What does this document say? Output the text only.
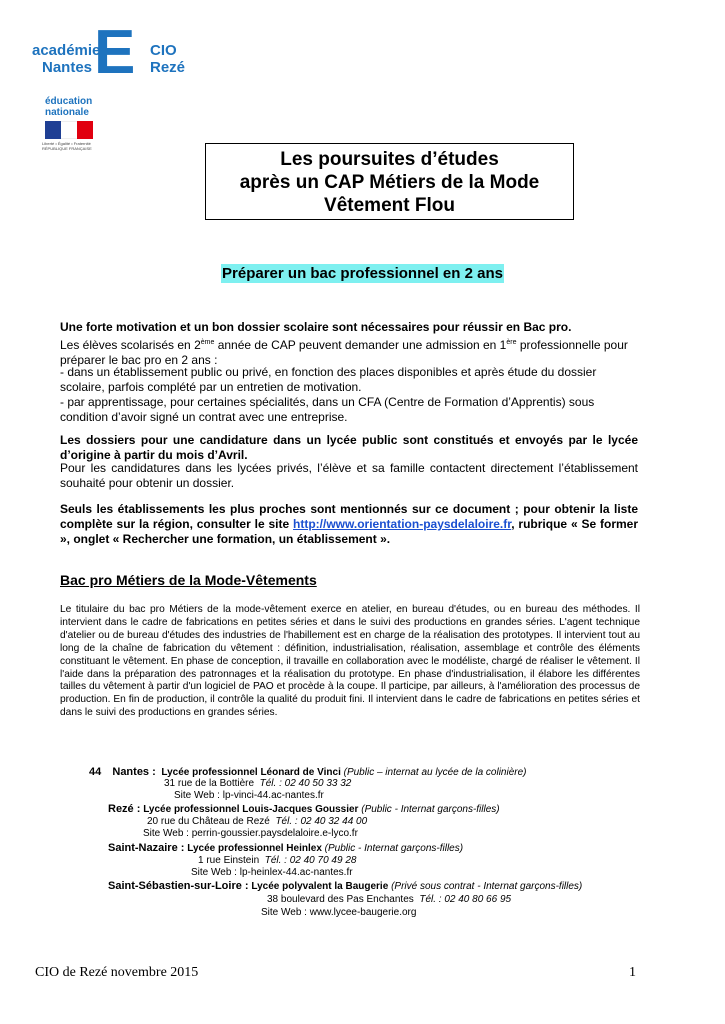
académie
Nantes E CIO
Rezé
éducation
nationale
Liberté • Égalité • Fraternité
RÉPUBLIQUE FRANÇAISE
Les poursuites d’études
après un CAP Métiers de la Mode
Vêtement Flou
Préparer un bac professionnel en 2 ans
Une forte motivation et un bon dossier scolaire sont nécessaires pour réussir en Bac pro.
Les élèves scolarisés en 2ème année de CAP peuvent demander une admission en 1ère professionnelle pour préparer le bac pro en 2 ans :
- dans un établissement public ou privé, en fonction des places disponibles et après étude du dossier scolaire, parfois complété par un entretien de motivation.
- par apprentissage, pour certaines spécialités, dans un CFA (Centre de Formation d’Apprentis) sous condition d’avoir signé un contrat avec une entreprise.
Les dossiers pour une candidature dans un lycée public sont constitués et envoyés par le lycée d’origine à partir du mois d’Avril.
Pour les candidatures dans les lycées privés, l’élève et sa famille contactent directement l’établissement souhaité pour obtenir un dossier.
Seuls les établissements les plus proches sont mentionnés sur ce document ; pour obtenir la liste complète sur la région, consulter le site http://www.orientation-paysdelaloire.fr, rubrique « Se former », onglet « Rechercher une formation, un établissement ».
Bac pro Métiers de la Mode-Vêtements
Le titulaire du bac pro Métiers de la mode-vêtement exerce en atelier, en bureau d'études, ou en bureau des méthodes. Il intervient dans le cadre de fabrications en petites séries et dans le suivi des productions en grandes séries. L'agent technique d'atelier ou de bureau d'études des industries de l'habillement est en charge de la réalisation des prototypes. Il intervient tout au long de la chaîne de fabrication du vêtement : définition, industrialisation, réalisation, assemblage et contrôle des éléments constituant le vêtement. En phase de conception, il travaille en collaboration avec le modéliste, chargé de réaliser le vêtement. Il l'aide dans la préparation des patronnages et la réalisation du prototype. En phase d'industrialisation, il élabore les différentes tailles du vêtement à partir d'un logiciel de PAO et procède à la coupe. Il participe, par ailleurs, à l'amélioration des processus de production. En fin de production, il contrôle la qualité du produit fini. Il intervient dans le cadre de fabrications en petites séries et dans le suivi des productions en grandes séries.
44 Nantes : Lycée professionnel Léonard de Vinci (Public – internat au lycée de la colinière)
31 rue de la Bottière Tél. : 02 40 50 33 32
Site Web : lp-vinci-44.ac-nantes.fr
Rezé : Lycée professionnel Louis-Jacques Goussier (Public - Internat garçons-filles)
20 rue du Château de Rezé Tél. : 02 40 32 44 00
Site Web : perrin-goussier.paysdelaloire.e-lyco.fr
Saint-Nazaire : Lycée professionnel Heinlex (Public - Internat garçons-filles)
1 rue Einstein Tél. : 02 40 70 49 28
Site Web : lp-heinlex-44.ac-nantes.fr
Saint-Sébastien-sur-Loire : Lycée polyvalent la Baugerie (Privé sous contrat - Internat garçons-filles)
38 boulevard des Pas Enchantes Tél. : 02 40 80 66 95
Site Web : www.lycee-baugerie.org
CIO de Rezé novembre 2015	1
